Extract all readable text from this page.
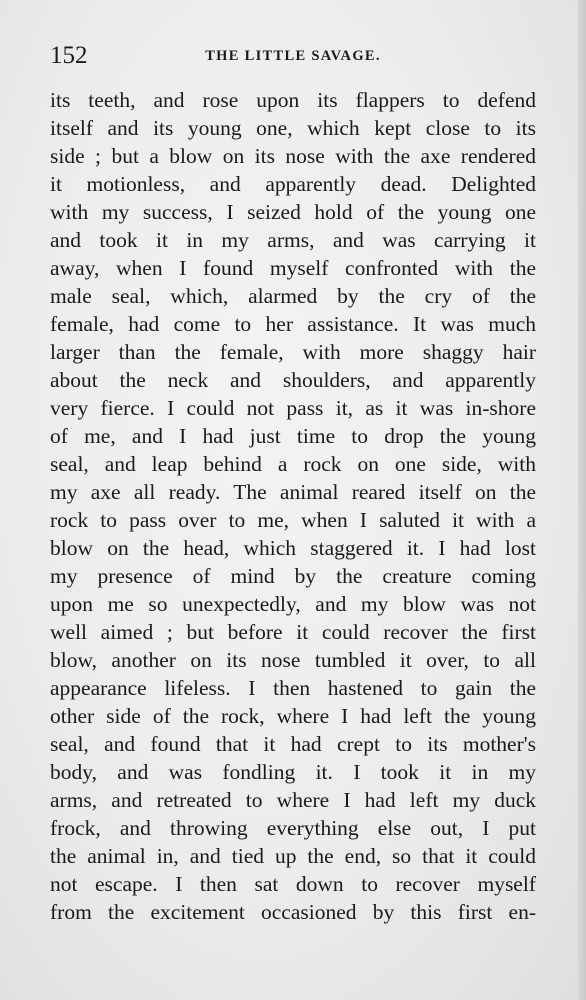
152	THE LITTLE SAVAGE.
its teeth, and rose upon its flappers to defend
itself and its young one, which kept close to its
side ; but a blow on its nose with the axe rendered
it motionless, and apparently dead. Delighted
with my success, I seized hold of the young one
and took it in my arms, and was carrying it
away, when I found myself confronted with the
male seal, which, alarmed by the cry of the
female, had come to her assistance. It was much
larger than the female, with more shaggy hair
about the neck and shoulders, and apparently
very fierce. I could not pass it, as it was in-shore
of me, and I had just time to drop the young
seal, and leap behind a rock on one side, with
my axe all ready. The animal reared itself on the
rock to pass over to me, when I saluted it with a
blow on the head, which staggered it. I had lost
my presence of mind by the creature coming
upon me so unexpectedly, and my blow was not
well aimed ; but before it could recover the first
blow, another on its nose tumbled it over, to all
appearance lifeless. I then hastened to gain the
other side of the rock, where I had left the young
seal, and found that it had crept to its mother's
body, and was fondling it. I took it in my
arms, and retreated to where I had left my duck
frock, and throwing everything else out, I put
the animal in, and tied up the end, so that it could
not escape. I then sat down to recover myself
from the excitement occasioned by this first en-
